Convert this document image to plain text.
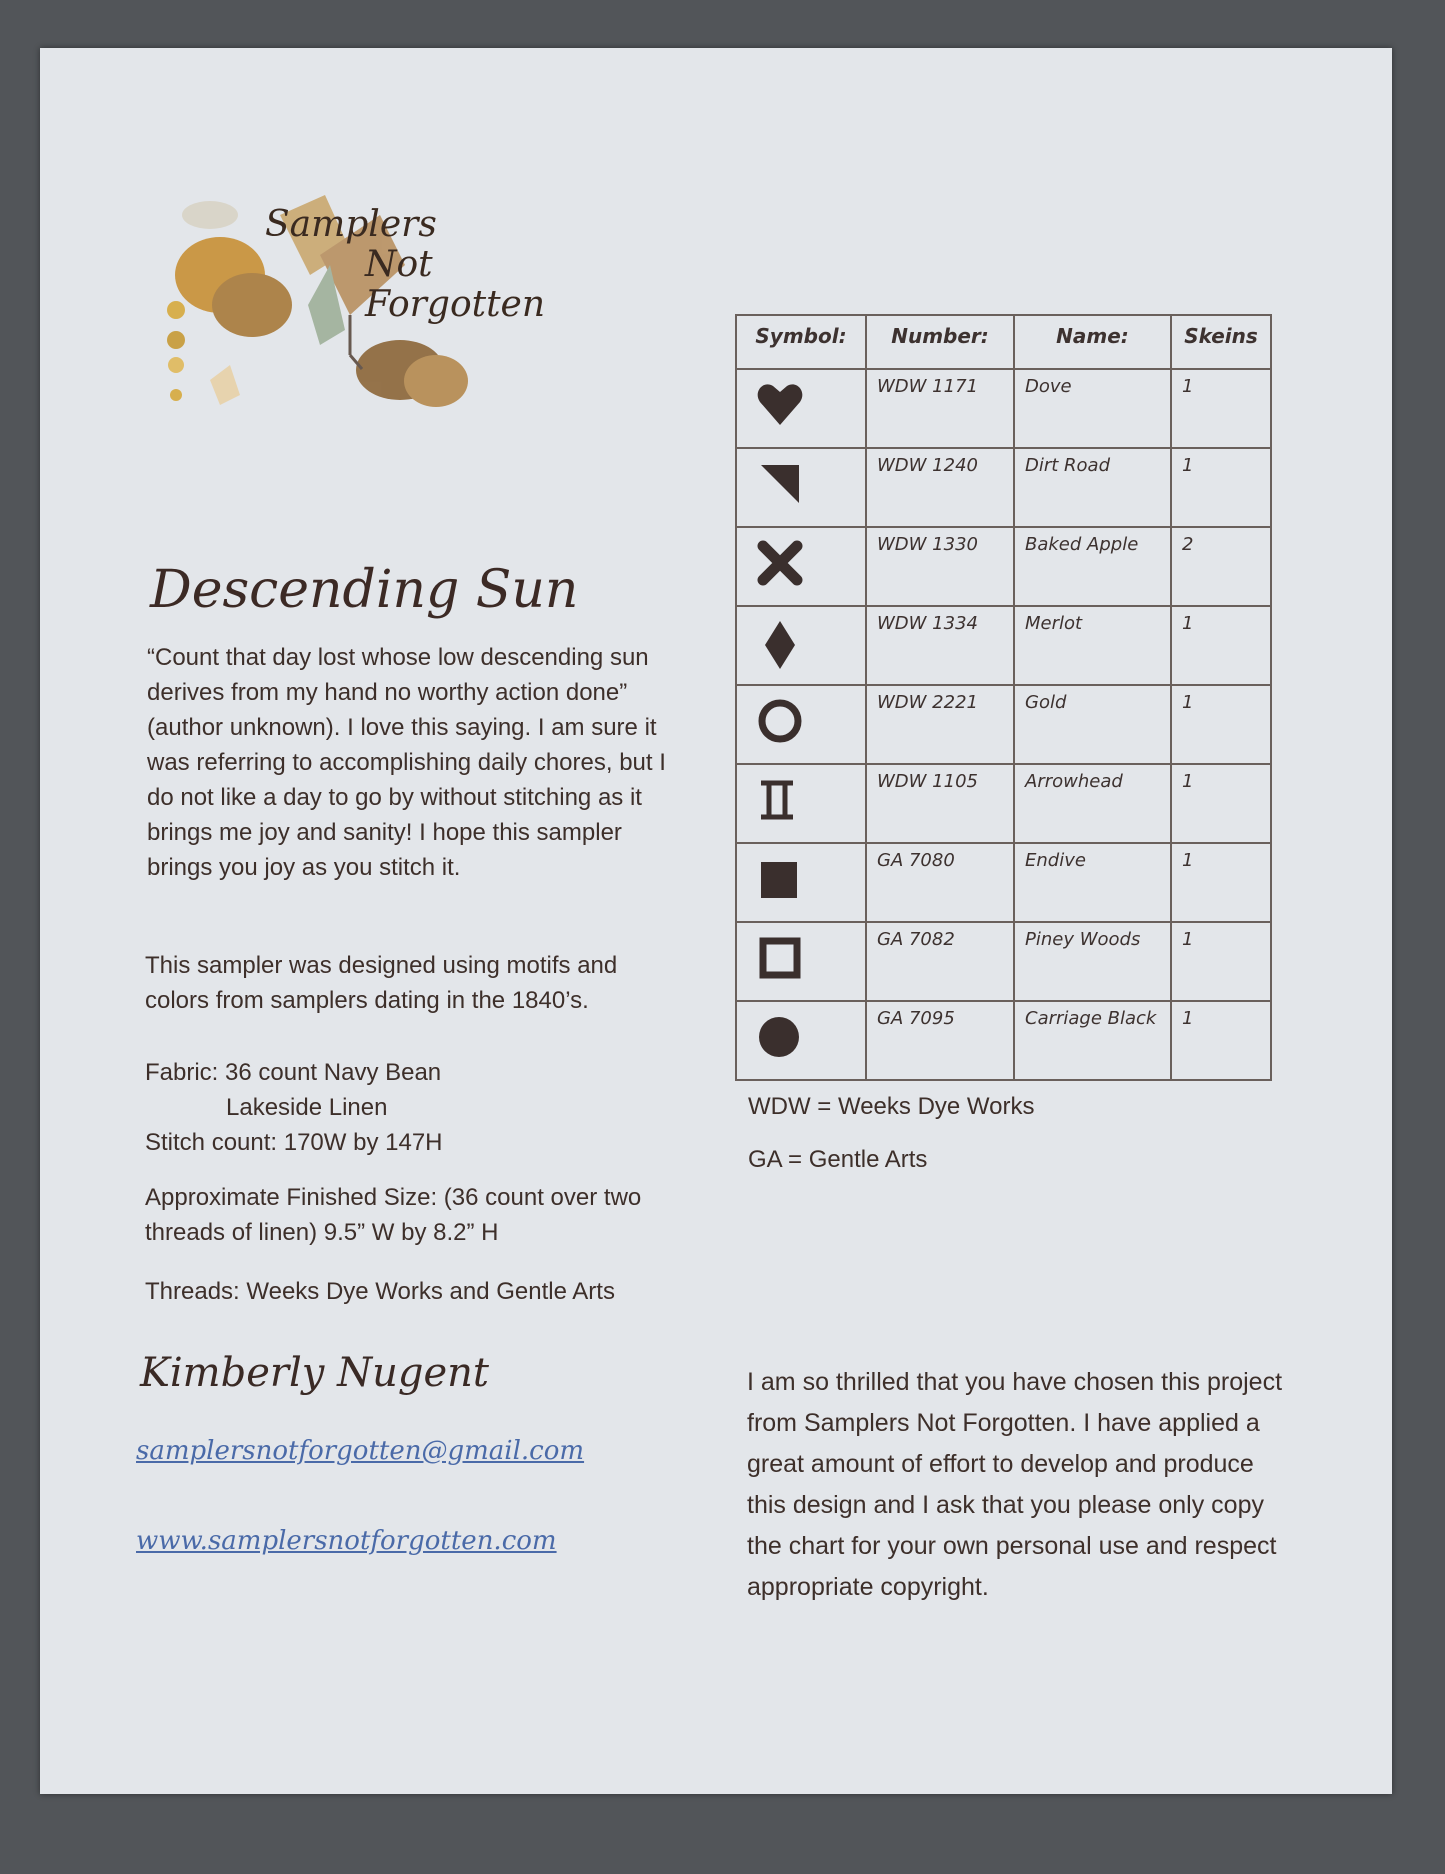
Samplers
Not
Forgotten
Descending Sun

“Count that day lost whose low descending sun derives from my hand no worthy action done” (author unknown). I love this saying. I am sure it was referring to accomplishing daily chores, but I do not like a day to go by without stitching as it brings me joy and sanity! I hope this sampler brings you joy as you stitch it.

This sampler was designed using motifs and colors from samplers dating in the 1840’s.

Fabric: 36 count Navy Bean

Lakeside Linen

Stitch count: 170W by 147H

Approximate Finished Size: (36 count over two threads of linen) 9.5” W by 8.2” H

Threads: Weeks Dye Works and Gentle Arts

Kimberly Nugent
samplersnotforgotten@gmail.com
www.samplersnotforgotten.com
Symbol:	Number:	Name:	Skeins
	WDW 1171	Dove	1
	WDW 1240	Dirt Road	1
	WDW 1330	Baked Apple	2
	WDW 1334	Merlot	1
	WDW 2221	Gold	1
	WDW 1105	Arrowhead	1
	GA 7080	Endive	1
	GA 7082	Piney Woods	1
	GA 7095	Carriage Black	1
WDW = Weeks Dye Works
GA = Gentle Arts

I am so thrilled that you have chosen this project from Samplers Not Forgotten. I have applied a great amount of effort to develop and produce this design and I ask that you please only copy the chart for your own personal use and respect appropriate copyright.
